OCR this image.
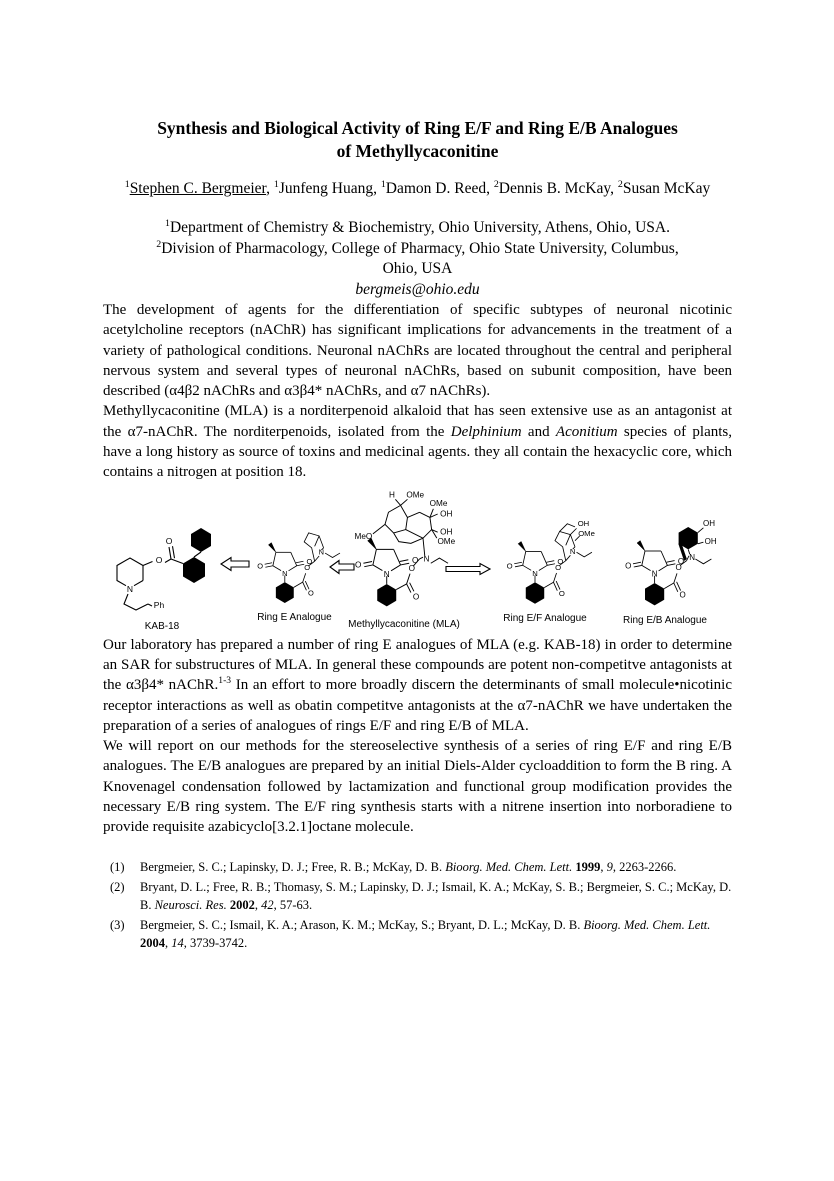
Synthesis and Biological Activity of Ring E/F and Ring E/B Analogues
of Methyllycaconitine

$^1$Stephen C. Bergmeier, $^1$Junfeng Huang, $^1$Damon D. Reed, $^2$Dennis B. McKay, $^2$Susan McKay

$^1$Department of Chemistry & Biochemistry, Ohio University, Athens, Ohio, USA.

$^2$Division of Pharmacology, College of Pharmacy, Ohio State University, Columbus,

Ohio, USA

bergmeis@ohio.edu

The development of agents for the differentiation of specific subtypes of neuronal nicotinic acetylcholine receptors (nAChR) has significant implications for advancements in the treatment of a variety of pathological conditions. Neuronal nAChRs are located throughout the central and peripheral nervous system and several types of neuronal nAChRs, based on subunit composition, have been described (α4β2 nAChRs and α3β4* nAChRs, and α7 nAChRs).

Methyllycaconitine (MLA) is a norditerpenoid alkaloid that has seen extensive use as an antagonist at the α7-nAChR. The norditerpenoids, isolated from the Delphinium and Aconitium species of plants, have a long history as source of toxins and medicinal agents. they all contain the hexacyclic core, which contains a nitrogen at position 18.

O
O
N
Ph
KAB-18
O	O
N
O
O
N
Ring E Analogue
H OMe
OMe
OH
MeO	OH
OMe
N
O	O
N
O
O
Methyllycaconitine (MLA)
OH
OMe
N
O
O
N
O
O
Ring E/F Analogue
OH
OH
N
O
O
N
O
O
Ring E/B Analogue

Our laboratory has prepared a number of ring E analogues of MLA (e.g. KAB-18) in order to determine an SAR for substructures of MLA. In general these compounds are potent non-competitve antagonists at the α3β4* nAChR.$^{1-3}$ In an effort to more broadly discern the determinants of small molecule•nicotinic receptor interactions as well as obatin competitve antagonists at the α7-nAChR we have undertaken the preparation of a series of analogues of rings E/F and ring E/B of MLA.

We will report on our methods for the stereoselective synthesis of a series of ring E/F and ring E/B analogues. The E/B analogues are prepared by an initial Diels-Alder cycloaddition to form the B ring. A Knovenagel condensation followed by lactamization and functional group modification provides the necessary E/B ring system. The E/F ring synthesis starts with a nitrene insertion into norboradiene to provide requisite azabicyclo[3.2.1]octane molecule.

(1) Bergmeier, S. C.; Lapinsky, D. J.; Free, R. B.; McKay, D. B. Bioorg. Med. Chem. Lett. 1999, 9, 2263-2266.
(2) Bryant, D. L.; Free, R. B.; Thomasy, S. M.; Lapinsky, D. J.; Ismail, K. A.; McKay, S. B.; Bergmeier, S. C.; McKay, D. B. Neurosci. Res. 2002, 42, 57-63.
(3) Bergmeier, S. C.; Ismail, K. A.; Arason, K. M.; McKay, S.; Bryant, D. L.; McKay, D. B. Bioorg. Med. Chem. Lett. 2004, 14, 3739-3742.
